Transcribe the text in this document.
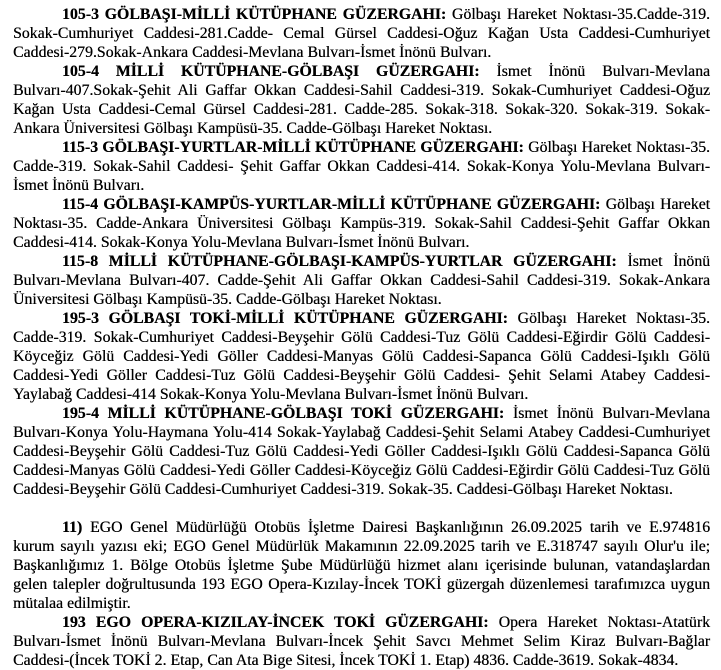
105-3 GÖLBAŞI-MİLLİ KÜTÜPHANE GÜZERGAHI: Gölbaşı Hareket Noktası-35.Cadde-319. Sokak-Cumhuriyet Caddesi-281.Cadde- Cemal Gürsel Caddesi-Oğuz Kağan Usta Caddesi-Cumhuriyet Caddesi-279.Sokak-Ankara Caddesi-Mevlana Bulvarı-İsmet İnönü Bulvarı.

105-4 MİLLİ KÜTÜPHANE-GÖLBAŞI GÜZERGAHI: İsmet İnönü Bulvarı-Mevlana Bulvarı-407.Sokak-Şehit Ali Gaffar Okkan Caddesi-Sahil Caddesi-319. Sokak-Cumhuriyet Caddesi-Oğuz Kağan Usta Caddesi-Cemal Gürsel Caddesi-281. Cadde-285. Sokak-318. Sokak-320. Sokak-319. Sokak-Ankara Üniversitesi Gölbaşı Kampüsü-35. Cadde-Gölbaşı Hareket Noktası.

115-3 GÖLBAŞI-YURTLAR-MİLLİ KÜTÜPHANE GÜZERGAHI: Gölbaşı Hareket Noktası-35. Cadde-319. Sokak-Sahil Caddesi- Şehit Gaffar Okkan Caddesi-414. Sokak-Konya Yolu-Mevlana Bulvarı-İsmet İnönü Bulvarı.

115-4 GÖLBAŞI-KAMPÜS-YURTLAR-MİLLİ KÜTÜPHANE GÜZERGAHI: Gölbaşı Hareket Noktası-35. Cadde-Ankara Üniversitesi Gölbaşı Kampüs-319. Sokak-Sahil Caddesi-Şehit Gaffar Okkan Caddesi-414. Sokak-Konya Yolu-Mevlana Bulvarı-İsmet İnönü Bulvarı.

115-8 MİLLİ KÜTÜPHANE-GÖLBAŞI-KAMPÜS-YURTLAR GÜZERGAHI: İsmet İnönü Bulvarı-Mevlana Bulvarı-407. Cadde-Şehit Ali Gaffar Okkan Caddesi-Sahil Caddesi-319. Sokak-Ankara Üniversitesi Gölbaşı Kampüsü-35. Cadde-Gölbaşı Hareket Noktası.

195-3 GÖLBAŞI TOKİ-MİLLİ KÜTÜPHANE GÜZERGAHI: Gölbaşı Hareket Noktası-35. Cadde-319. Sokak-Cumhuriyet Caddesi-Beyşehir Gölü Caddesi-Tuz Gölü Caddesi-Eğirdir Gölü Caddesi-Köyceğiz Gölü Caddesi-Yedi Göller Caddesi-Manyas Gölü Caddesi-Sapanca Gölü Caddesi-Işıklı Gölü Caddesi-Yedi Göller Caddesi-Tuz Gölü Caddesi-Beyşehir Gölü Caddesi- Şehit Selami Atabey Caddesi-Yaylabağ Caddesi-414 Sokak-Konya Yolu-Mevlana Bulvarı-İsmet İnönü Bulvarı.

195-4 MİLLİ KÜTÜPHANE-GÖLBAŞI TOKİ GÜZERGAHI: İsmet İnönü Bulvarı-Mevlana Bulvarı-Konya Yolu-Haymana Yolu-414 Sokak-Yaylabağ Caddesi-Şehit Selami Atabey Caddesi-Cumhuriyet Caddesi-Beyşehir Gölü Caddesi-Tuz Gölü Caddesi-Yedi Göller Caddesi-Işıklı Gölü Caddesi-Sapanca Gölü Caddesi-Manyas Gölü Caddesi-Yedi Göller Caddesi-Köyceğiz Gölü Caddesi-Eğirdir Gölü Caddesi-Tuz Gölü Caddesi-Beyşehir Gölü Caddesi-Cumhuriyet Caddesi-319. Sokak-35. Caddesi-Gölbaşı Hareket Noktası.

11) EGO Genel Müdürlüğü Otobüs İşletme Dairesi Başkanlığının 26.09.2025 tarih ve E.974816 kurum sayılı yazısı eki; EGO Genel Müdürlük Makamının 22.09.2025 tarih ve E.318747 sayılı Olur'u ile; Başkanlığımız 1. Bölge Otobüs İşletme Şube Müdürlüğü hizmet alanı içerisinde bulunan, vatandaşlardan gelen talepler doğrultusunda 193 EGO Opera-Kızılay-İncek TOKİ güzergah düzenlemesi tarafımızca uygun mütalaa edilmiştir.

193 EGO OPERA-KIZILAY-İNCEK TOKİ GÜZERGAHI: Opera Hareket Noktası-Atatürk Bulvarı-İsmet İnönü Bulvarı-Mevlana Bulvarı-İncek Şehit Savcı Mehmet Selim Kiraz Bulvarı-Bağlar Caddesi-(İncek TOKİ 2. Etap, Can Ata Bige Sitesi, İncek TOKİ 1. Etap) 4836. Cadde-3619. Sokak-4834.
